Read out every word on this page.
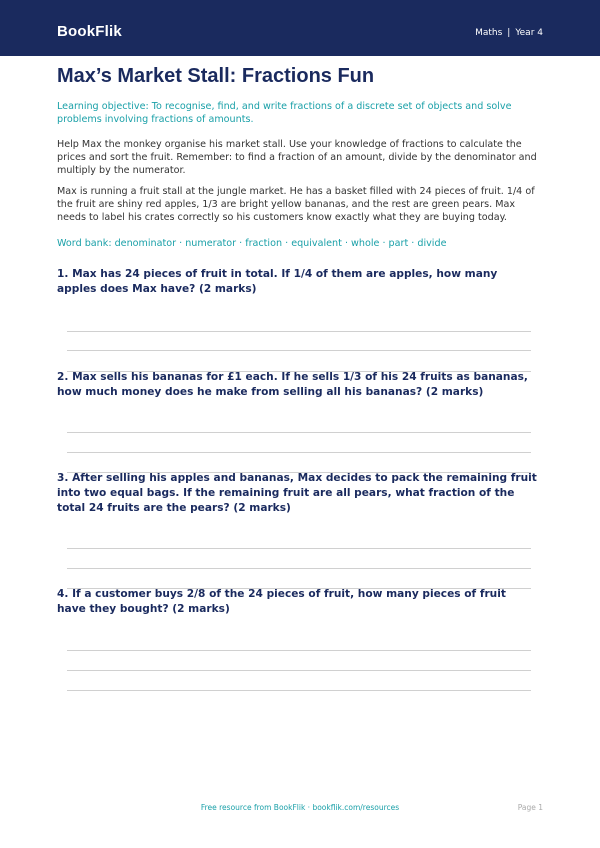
BookFlik	Maths | Year 4
Max’s Market Stall: Fractions Fun
Learning objective: To recognise, find, and write fractions of a discrete set of objects and solve problems involving fractions of amounts.
Help Max the monkey organise his market stall. Use your knowledge of fractions to calculate the prices and sort the fruit. Remember: to find a fraction of an amount, divide by the denominator and multiply by the numerator.
Max is running a fruit stall at the jungle market. He has a basket filled with 24 pieces of fruit. 1/4 of the fruit are shiny red apples, 1/3 are bright yellow bananas, and the rest are green pears. Max needs to label his crates correctly so his customers know exactly what they are buying today.
Word bank: denominator · numerator · fraction · equivalent · whole · part · divide
1. Max has 24 pieces of fruit in total. If 1/4 of them are apples, how many apples does Max have? (2 marks)
2. Max sells his bananas for £1 each. If he sells 1/3 of his 24 fruits as bananas, how much money does he make from selling all his bananas? (2 marks)
3. After selling his apples and bananas, Max decides to pack the remaining fruit into two equal bags. If the remaining fruit are all pears, what fraction of the total 24 fruits are the pears? (2 marks)
4. If a customer buys 2/8 of the 24 pieces of fruit, how many pieces of fruit have they bought? (2 marks)
Free resource from BookFlik · bookflik.com/resources	Page 1
